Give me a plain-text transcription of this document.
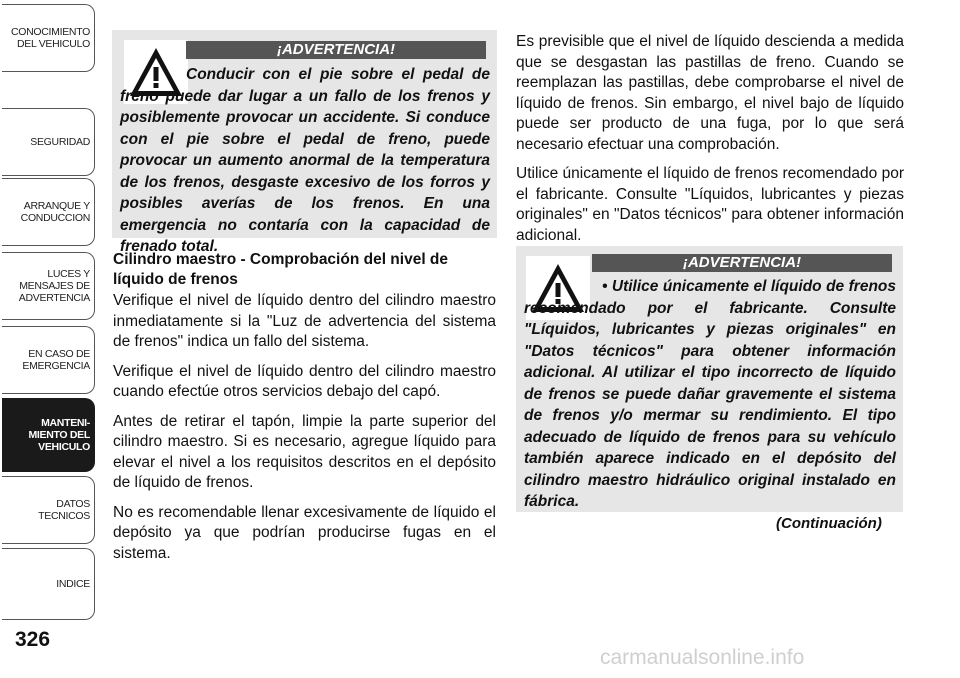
CONOCIMIENTO
DEL VEHICULO
SEGURIDAD
ARRANQUE Y
CONDUCCION
LUCES Y
MENSAJES DE
ADVERTENCIA
EN CASO DE
EMERGENCIA
MANTENI-
MIENTO DEL
VEHICULO
DATOS
TECNICOS
INDICE
326
¡ADVERTENCIA!
Conducir con el pie sobre el pedal de freno puede dar lugar a un fallo de los frenos y posiblemente provocar un accidente. Si conduce con el pie sobre el pedal de freno, puede provocar un aumento anormal de la temperatura de los frenos, desgaste excesivo de los forros y posibles averías de los frenos. En una emergencia no contaría con la capacidad de frenado total.
Cilindro maestro - Comprobación del nivel de líquido de frenos

Verifique el nivel de líquido dentro del cilindro maestro inmediatamente si la "Luz de advertencia del sistema de frenos" indica un fallo del sistema.

Verifique el nivel de líquido dentro del cilindro maestro cuando efectúe otros servicios debajo del capó.

Antes de retirar el tapón, limpie la parte superior del cilindro maestro. Si es necesario, agregue líquido para elevar el nivel a los requisitos descritos en el depósito de líquido de frenos.

No es recomendable llenar excesivamente de líquido el depósito ya que podrían producirse fugas en el sistema.

Es previsible que el nivel de líquido descienda a medida que se desgastan las pastillas de freno. Cuando se reemplazan las pastillas, debe comprobarse el nivel de líquido de frenos. Sin embargo, el nivel bajo de líquido puede ser producto de una fuga, por lo que será necesario efectuar una comprobación.

Utilice únicamente el líquido de frenos recomendado por el fabricante. Consulte "Líquidos, lubricantes y piezas originales" en "Datos técnicos" para obtener información adicional.

¡ADVERTENCIA!
• Utilice únicamente el líquido de frenos recomendado por el fabricante. Consulte "Líquidos, lubricantes y piezas originales" en "Datos técnicos" para obtener información adicional. Al utilizar el tipo incorrecto de líquido de frenos se puede dañar gravemente el sistema de frenos y/o mermar su rendimiento. El tipo adecuado de líquido de frenos para su vehículo también aparece indicado en el depósito del cilindro maestro hidráulico original instalado en fábrica.
(Continuación)
carmanualsonline.info
